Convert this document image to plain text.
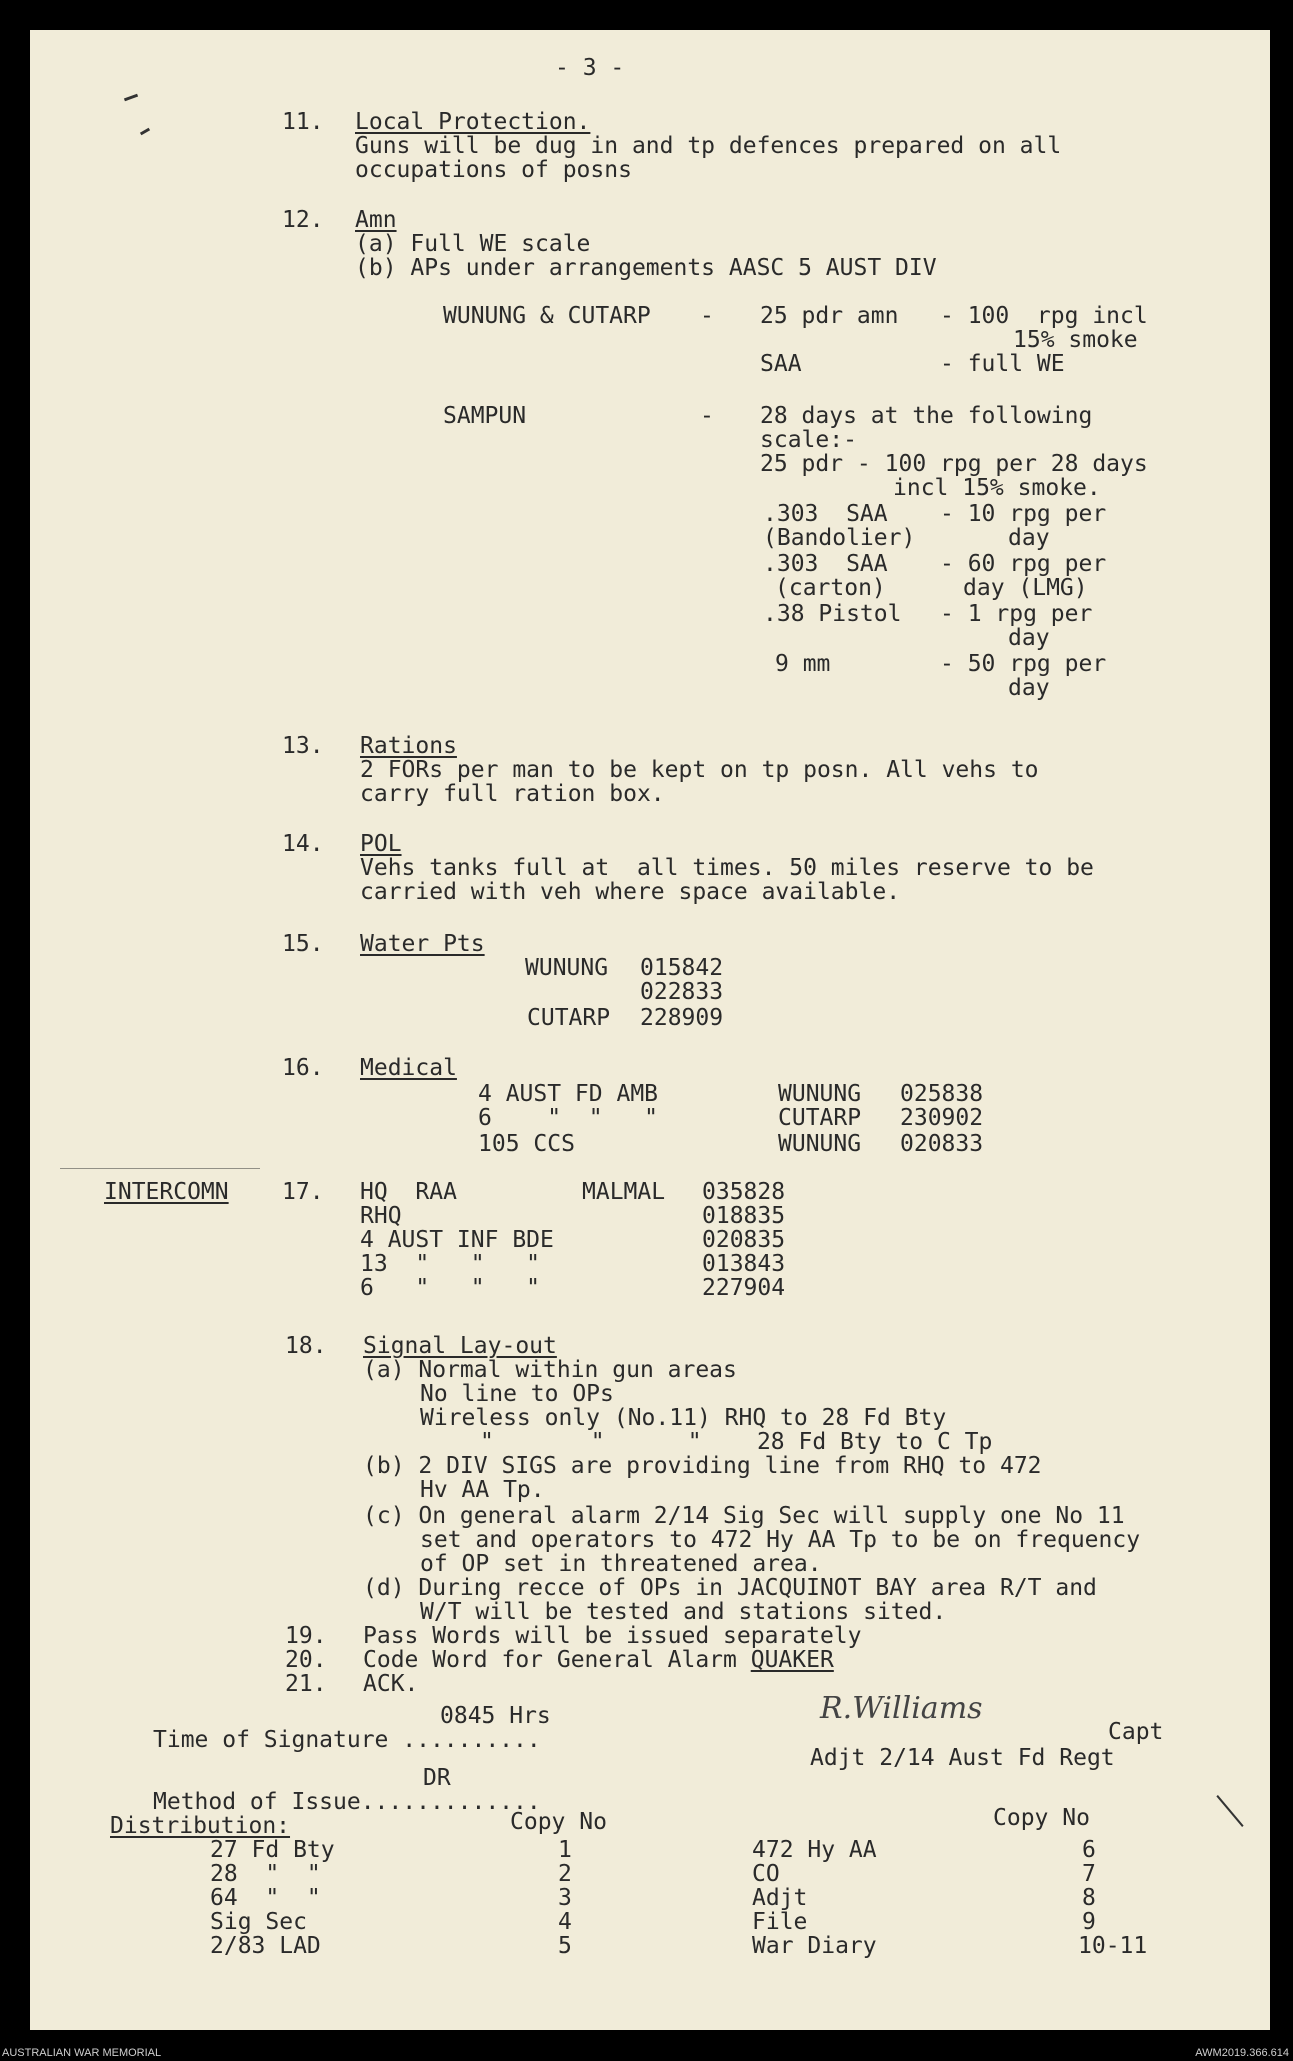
- 3 -
11. Local Protection.
Guns will be dug in and tp defences prepared on all
occupations of posns
12. Amn
(a) Full WE scale
(b) APs under arrangements AASC 5 AUST DIV
WUNUNG & CUTARP - 25 pdr amn - 100  rpg incl
15% smoke
SAA	- full WE
SAMPUN	- 28 days at the following
scale:-
25 pdr - 100 rpg per 28 days
incl 15% smoke.
.303  SAA - 10 rpg per
(Bandolier)	day
.303  SAA - 60 rpg per
(carton)	day (LMG)
.38 Pistol - 1 rpg per
day
9 mm	- 50 rpg per
day
13. Rations
2 FORs per man to be kept on tp posn. All vehs to
carry full ration box.
14. POL
Vehs tanks full at  all times. 50 miles reserve to be
carried with veh where space available.
15. Water Pts
WUNUNG 015842
022833
CUTARP 228909
16. Medical
4 AUST FD AMB	WUNUNG 025838
6    "  "   "	CUTARP 230902
105 CCS	WUNUNG 020833
INTERCOMN 17. HQ  RAA	MALMAL 035828
RHQ	018835
4 AUST INF BDE	020835
13  "   "   "	013843
6   "   "   "	227904
18. Signal Lay-out
(a) Normal within gun areas
No line to OPs
Wireless only (No.11) RHQ to 28 Fd Bty
"       "      "    28 Fd Bty to C Tp
(b) 2 DIV SIGS are providing line from RHQ to 472
Hv AA Tp.
(c) On general alarm 2/14 Sig Sec will supply one No 11
set and operators to 472 Hy AA Tp to be on frequency
of OP set in threatened area.
(d) During recce of OPs in JACQUINOT BAY area R/T and
W/T will be tested and stations sited.
19. Pass Words will be issued separately
20. Code Word for General Alarm QUAKER
21. ACK.
0845 Hrs
Time of Signature ..........
R.Williams
Capt
Adjt 2/14 Aust Fd Regt
DR
Method of Issue.............
Distribution:	Copy No	Copy No
27 Fd Bty	1
28  "  "	2
64  "  "	3
Sig Sec	4
2/83 LAD	5
472 Hy AA	6
CO	7
Adjt	8
File	9
War Diary	10-11
AUSTRALIAN WAR MEMORIAL	AWM2019.366.614
